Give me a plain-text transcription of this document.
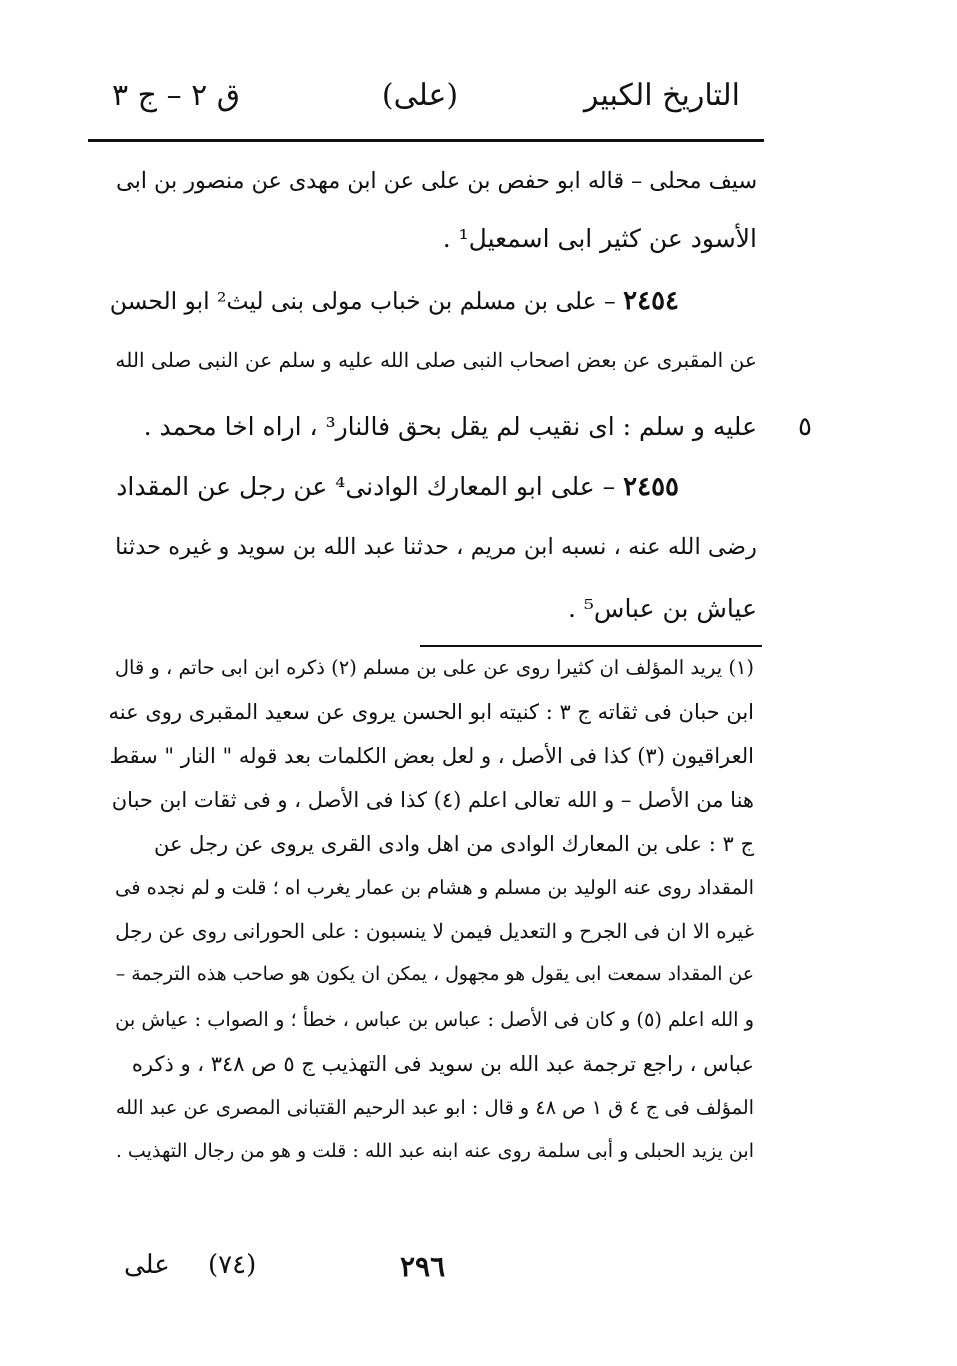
التاريخ الكبير
(على)
ق ٢ – ج ٣
سيف محلى – قاله ابو حفص بن على عن ابن مهدى عن منصور بن ابى
الأسود عن كثير ابى اسمعيل¹ .
٢٤٥٤ – على بن مسلم بن خباب مولى بنى ليث² ابو الحسن
عن المقبرى عن بعض اصحاب النبى صلى الله عليه و سلم عن النبى صلى الله
عليه و سلم : اى نقيب لم يقل بحق فالنار³ ، اراه اخا محمد . ٥
٢٤٥٥ – على ابو المعارك الوادنى⁴ عن رجل عن المقداد
رضى الله عنه ، نسبه ابن مريم ، حدثنا عبد الله بن سويد و غيره حدثنا
عياش بن عباس⁵ .
(١) يريد المؤلف ان كثيرا روى عن على بن مسلم (٢) ذكره ابن ابى حاتم ، و قال
ابن حبان فى ثقاته ج ٣ : كنيته ابو الحسن يروى عن سعيد المقبرى روى عنه
العراقيون (٣) كذا فى الأصل ، و لعل بعض الكلمات بعد قوله " النار " سقط
هنا من الأصل – و الله تعالى اعلم (٤) كذا فى الأصل ، و فى ثقات ابن حبان
ج ٣ : على بن المعارك الوادى من اهل وادى القرى يروى عن رجل عن
المقداد روى عنه الوليد بن مسلم و هشام بن عمار يغرب اه ؛ قلت و لم نجده فى
غيره الا ان فى الجرح و التعديل فيمن لا ينسبون : على الحورانى روى عن رجل
عن المقداد سمعت ابى يقول هو مجهول ، يمكن ان يكون هو صاحب هذه الترجمة –
و الله اعلم (٥) و كان فى الأصل : عباس بن عباس ، خطأ ؛ و الصواب : عياش بن
عباس ، راجع ترجمة عبد الله بن سويد فى التهذيب ج ٥ ص ٣٤٨ ، و ذكره
المؤلف فى ج ٤ ق ١ ص ٤٨ و قال : ابو عبد الرحيم القتبانى المصرى عن عبد الله
ابن يزيد الحبلى و أبى سلمة روى عنه ابنه عبد الله : قلت و هو من رجال التهذيب .
٢٩٦
(٧٤)
على
